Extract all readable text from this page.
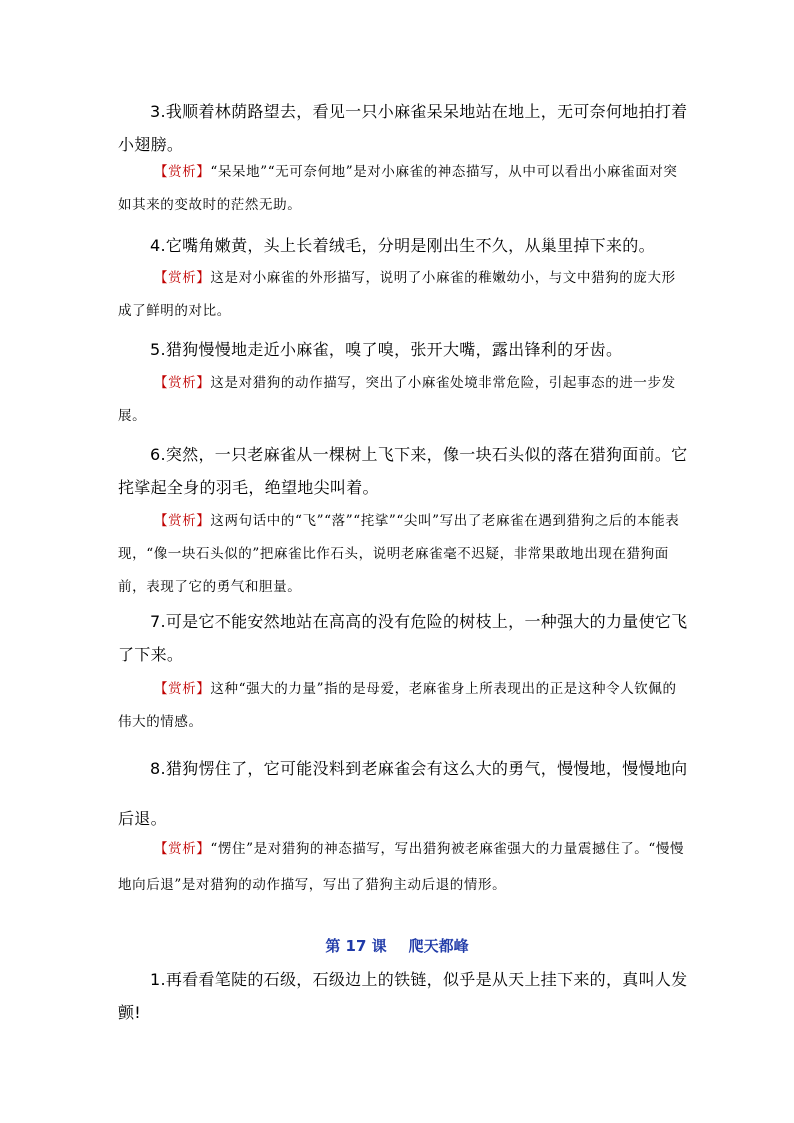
3.我顺着林荫路望去，看见一只小麻雀呆呆地站在地上，无可奈何地拍打着小翅膀。
【赏析】“呆呆地”“无可奈何地”是对小麻雀的神态描写，从中可以看出小麻雀面对突如其来的变故时的茫然无助。
4.它嘴角嫩黄，头上长着绒毛，分明是刚出生不久，从巢里掉下来的。
【赏析】这是对小麻雀的外形描写，说明了小麻雀的稚嫩幼小，与文中猎狗的庞大形成了鲜明的对比。
5.猎狗慢慢地走近小麻雀，嗅了嗅，张开大嘴，露出锋利的牙齿。
【赏析】这是对猎狗的动作描写，突出了小麻雀处境非常危险，引起事态的进一步发展。
6.突然，一只老麻雀从一棵树上飞下来，像一块石头似的落在猎狗面前。它挓挲起全身的羽毛，绝望地尖叫着。
【赏析】这两句话中的“飞”“落”“挓挲”“尖叫”写出了老麻雀在遇到猎狗之后的本能表现，“像一块石头似的”把麻雀比作石头，说明老麻雀毫不迟疑，非常果敢地出现在猎狗面前，表现了它的勇气和胆量。
7.可是它不能安然地站在高高的没有危险的树枝上，一种强大的力量使它飞了下来。
【赏析】这种“强大的力量”指的是母爱，老麻雀身上所表现出的正是这种令人钦佩的伟大的情感。
8.猎狗愣住了，它可能没料到老麻雀会有这么大的勇气，慢慢地，慢慢地向后退。
【赏析】“愣住”是对猎狗的神态描写，写出猎狗被老麻雀强大的力量震撼住了。“慢慢地向后退”是对猎狗的动作描写，写出了猎狗主动后退的情形。
第 17 课 爬天都峰
1.再看看笔陡的石级，石级边上的铁链，似乎是从天上挂下来的，真叫人发颤!
